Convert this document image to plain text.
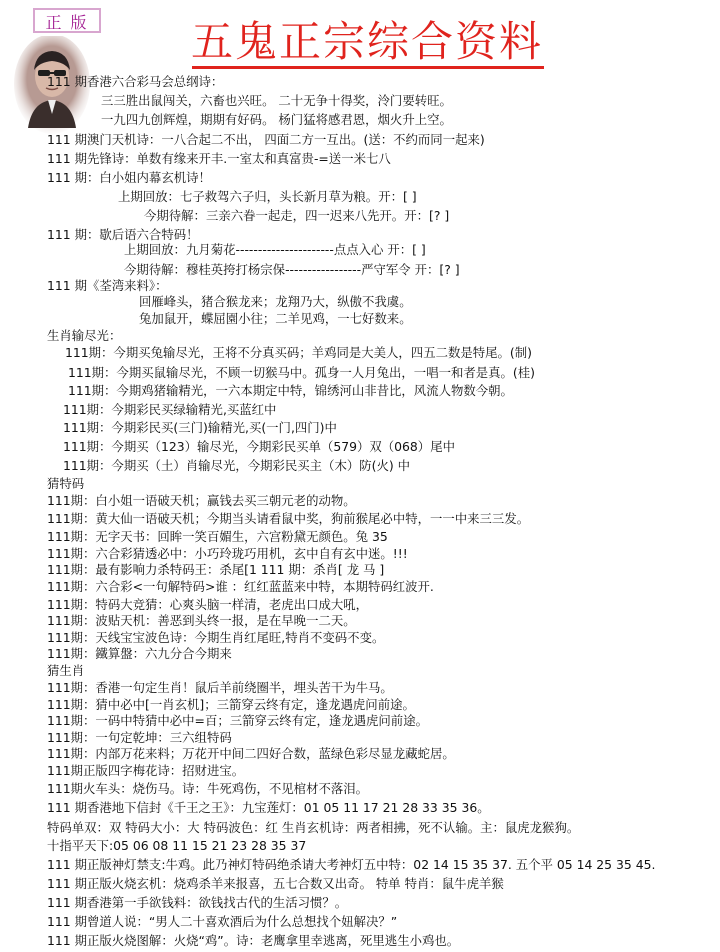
正 版 五鬼正宗综合资料
111 期香港六合彩马会总纲诗：
三三胜出鼠闯关，六畜也兴旺。 二十无争十得奖，泠门要转旺。
一九四九创辉煌，期期有好码。 杨门猛将感君恩，烟火升上空。
111 期澳门天机诗：一八合起二不出， 四面二方一互出。(送：不约而同一起来)
111 期先锋诗：单数有缘来开丰.一室太和真富贵-=送一米七八
111 期：白小姐内幕玄机诗！
上期回放：七子救驾六子归，头长新月草为粮。开：[ ]
今期待解：三亲六眷一起走，四一迟来八先开。开：[? ]
111 期：歇后语六合特码！
上期回放：九月菊花----------------------点点入心 开：[ ]
今期待解：穆桂英挎打杨宗保-----------------严守军令 开：[? ]
111 期《荃湾来料》：
回雁峰头，猪合猴龙来；龙翔乃大，纵傲不我虞。
兔加鼠开，蝶屈園小往；二羊见鸡，一七好数来。
生肖输尽光：
111期：今期买兔输尽光，王将不分真买码；羊鸡同是大美人，四五二数是特尾。(制)
111期：今期买鼠输尽光，不顾一切猴马中。孤身一人月兔出，一唱一和者是真。(桂)
111期：今期鸡猪输精光，一六本期定中特，锦绣河山非昔比，风流人物数今朝。
111期：今期彩民买绿输精光,买蓝红中
111期：今期彩民买(三门)输精光,买(一门,四门)中
111期：今期买（123）输尽光，今期彩民买单（579）双（068）尾中
111期：今期买（土）肖输尽光，今期彩民买主（木）防(火) 中
猜特码
111期：白小姐一语破天机；赢钱去买三朝元老的动物。
111期：黄大仙一语破天机；今期当头请看鼠中奖，狗前猴尾必中特，一一中来三三发。
111期：无字天书：回眸一笑百媚生，六宫粉黛无颜色。兔 35
111期：六合彩猜透必中：小巧玲珑巧用机，玄中自有玄中迷。!!!
111期：最有影响力杀特码王：杀尾[1 111 期：杀肖[ 龙 马 ]
111期：六合彩<一句解特码>谁 ：红红蓝蓝来中特，本期特码红波开.
111期：特码大竞猜：心爽头脑一样清，老虎出口成大吼，
111期：波贴天机：善恶到头终一报，是在早晚一二天。
111期：天线宝宝波色诗：今期生肖红尾旺,特肖不变码不变。
111期：鐵算盤：六九分合今期来
猜生肖
111期：香港一句定生肖！鼠后羊前绕圈半，埋头苦干为牛马。
111期：猜中必中[一肖玄机]；三箭穿云终有定，逢龙遇虎问前途。
111期：一码中特猜中必中=百；三箭穿云终有定，逢龙遇虎问前途。
111期：一句定乾坤：三六组特码
111期：内部万花来料；万花开中间二四好合数，蓝绿色彩尽显龙藏蛇居。
111期正版四字梅花诗：招财进宝。
111期火车头：烧伤马。诗：牛死鸡伤，不见棺材不落泪。
111 期香港地下信封《千王之王》：九宝莲灯：01 05 11 17 21 28 33 35 36。
特码单双：双 特码大小：大 特码波色：红 生肖玄机诗：两者相拂，死不认输。主：鼠虎龙猴狗。
十指平天下:05 06 08 11 15 21 23 28 35 37
111 期正版神灯禁支:牛鸡。此乃神灯特码绝杀请大考神灯五中特：02 14 15 35 37. 五个平 05 14 25 35 45.
111 期正版火烧玄机：烧鸡杀羊来报喜，五七合数又出奇。 特单 特肖：鼠牛虎羊猴
111 期香港第一手欲钱料：欲钱找古代的生活习惯？。
111 期曾道人说：“男人二十喜欢酒后为什么总想找个妞解决？”
111 期正版火烧图解：火烧“鸡”。诗：老鹰拿里幸逃离，死里逃生小鸡也。
